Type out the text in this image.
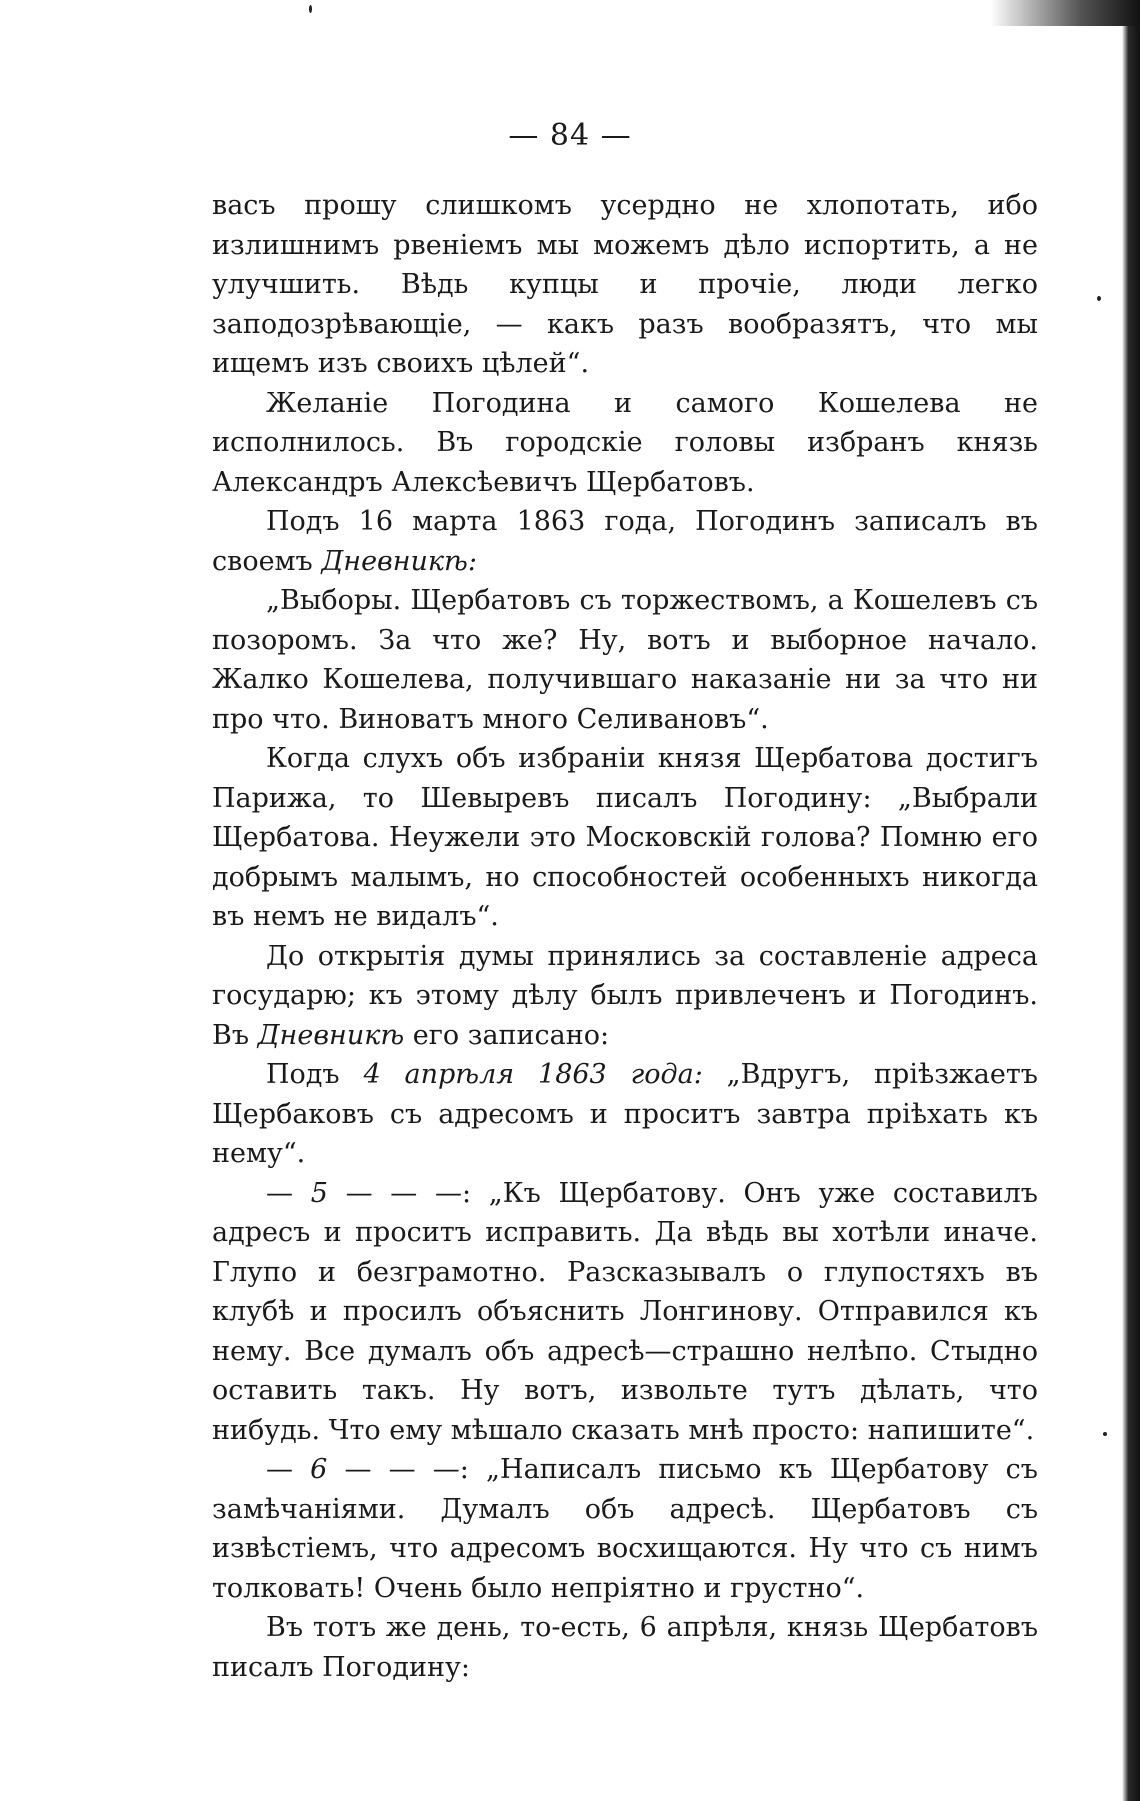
— 84 —

васъ прошу слишкомъ усердно не хлопотать, ибо излишнимъ рвеніемъ мы можемъ дѣло испортить, а не улучшить. Вѣдь купцы и прочіе, люди легко заподозрѣвающіе, — какъ разъ вообразятъ, что мы ищемъ изъ своихъ цѣлей“.

Желаніе Погодина и самого Кошелева не исполнилось. Въ городскіе головы избранъ князь Александръ Алексѣевичъ Щербатовъ.

Подъ 16 марта 1863 года, Погодинъ записалъ въ своемъ Дневникѣ:

„Выборы. Щербатовъ съ торжествомъ, а Кошелевъ съ позоромъ. За что же? Ну, вотъ и выборное начало. Жалко Кошелева, получившаго наказаніе ни за что ни про что. Виноватъ много Селивановъ“.

Когда слухъ объ избраніи князя Щербатова достигъ Парижа, то Шевыревъ писалъ Погодину: „Выбрали Щербатова. Неужели это Московскій голова? Помню его добрымъ малымъ, но способностей особенныхъ никогда въ немъ не видалъ“.

До открытія думы принялись за составленіе адреса государю; къ этому дѣлу былъ привлеченъ и Погодинъ. Въ Дневникѣ его записано:

Подъ 4 апрѣля 1863 года: „Вдругъ, пріѣзжаетъ Щербаковъ съ адресомъ и проситъ завтра пріѣхать къ нему“.

— 5 — — —: „Къ Щербатову. Онъ уже составилъ адресъ и проситъ исправить. Да вѣдь вы хотѣли иначе. Глупо и безграмотно. Разсказывалъ о глупостяхъ въ клубѣ и просилъ объяснить Лонгинову. Отправился къ нему. Все думалъ объ адресѣ—страшно нелѣпо. Стыдно оставить такъ. Ну вотъ, извольте тутъ дѣлать, что нибудь. Что ему мѣшало сказать мнѣ просто: напишите“.

— 6 — — —: „Написалъ письмо къ Щербатову съ замѣчаніями. Думалъ объ адресѣ. Щербатовъ съ извѣстіемъ, что адресомъ восхищаются. Ну что съ нимъ толковать! Очень было непріятно и грустно“.

Въ тотъ же день, то-есть, 6 апрѣля, князь Щербатовъ писалъ Погодину:
